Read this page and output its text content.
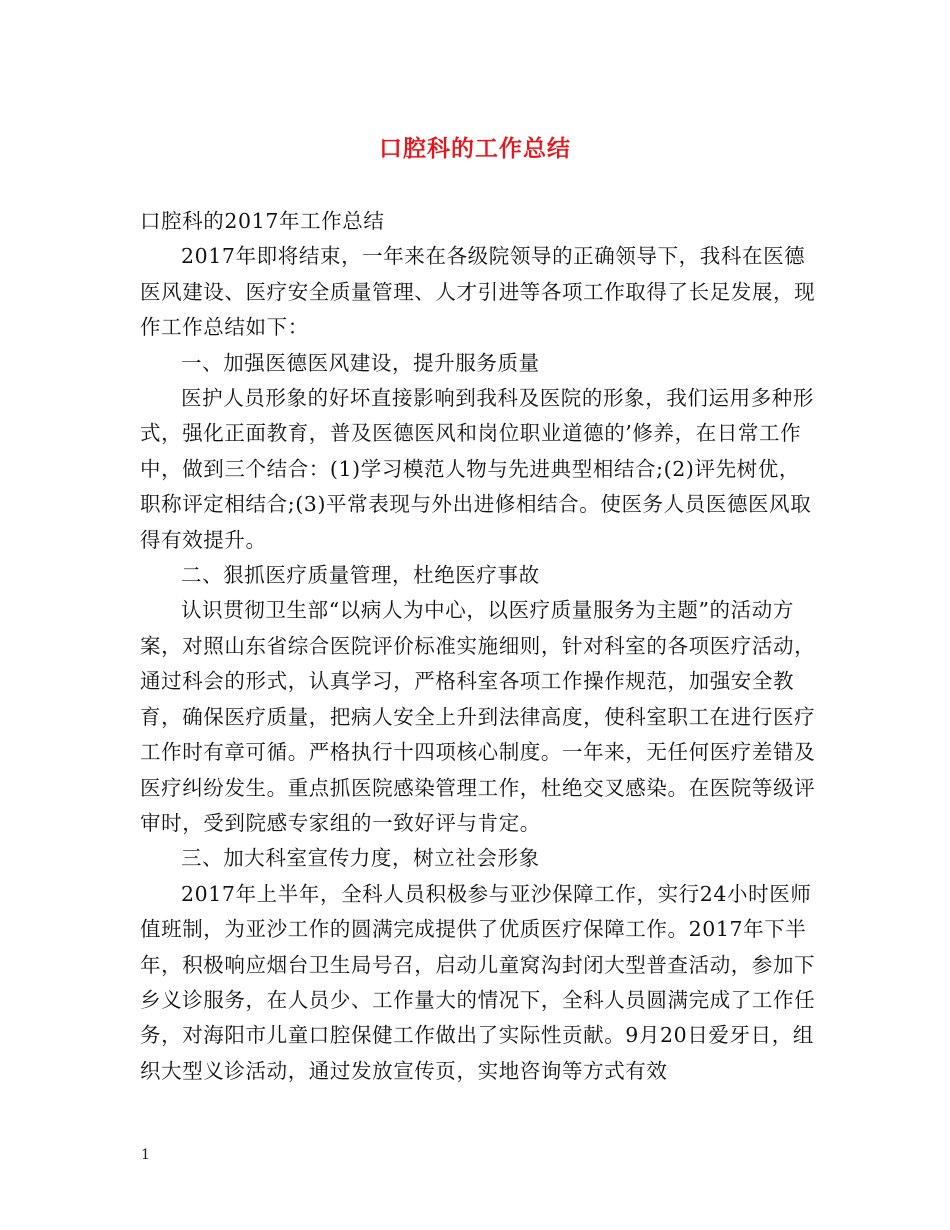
口腔科的工作总结

口腔科的2017年工作总结

2017年即将结束，一年来在各级院领导的正确领导下，我科在医德医风建设、医疗安全质量管理、人才引进等各项工作取得了长足发展，现作工作总结如下：

一、加强医德医风建设，提升服务质量

医护人员形象的好坏直接影响到我科及医院的形象，我们运用多种形式，强化正面教育，普及医德医风和岗位职业道德的’修养，在日常工作中，做到三个结合：(1)学习模范人物与先进典型相结合;(2)评先树优，职称评定相结合;(3)平常表现与外出进修相结合。使医务人员医德医风取得有效提升。

二、狠抓医疗质量管理，杜绝医疗事故

认识贯彻卫生部“以病人为中心，以医疗质量服务为主题”的活动方案，对照山东省综合医院评价标准实施细则，针对科室的各项医疗活动，通过科会的形式，认真学习，严格科室各项工作操作规范，加强安全教育，确保医疗质量，把病人安全上升到法律高度，使科室职工在进行医疗工作时有章可循。严格执行十四项核心制度。一年来，无任何医疗差错及医疗纠纷发生。重点抓医院感染管理工作，杜绝交叉感染。在医院等级评审时，受到院感专家组的一致好评与肯定。

三、加大科室宣传力度，树立社会形象

2017年上半年，全科人员积极参与亚沙保障工作，实行24小时医师值班制，为亚沙工作的圆满完成提供了优质医疗保障工作。2017年下半年，积极响应烟台卫生局号召，启动儿童窝沟封闭大型普查活动，参加下乡义诊服务，在人员少、工作量大的情况下，全科人员圆满完成了工作任务，对海阳市儿童口腔保健工作做出了实际性贡献。9月20日爱牙日，组织大型义诊活动，通过发放宣传页，实地咨询等方式有效

1
